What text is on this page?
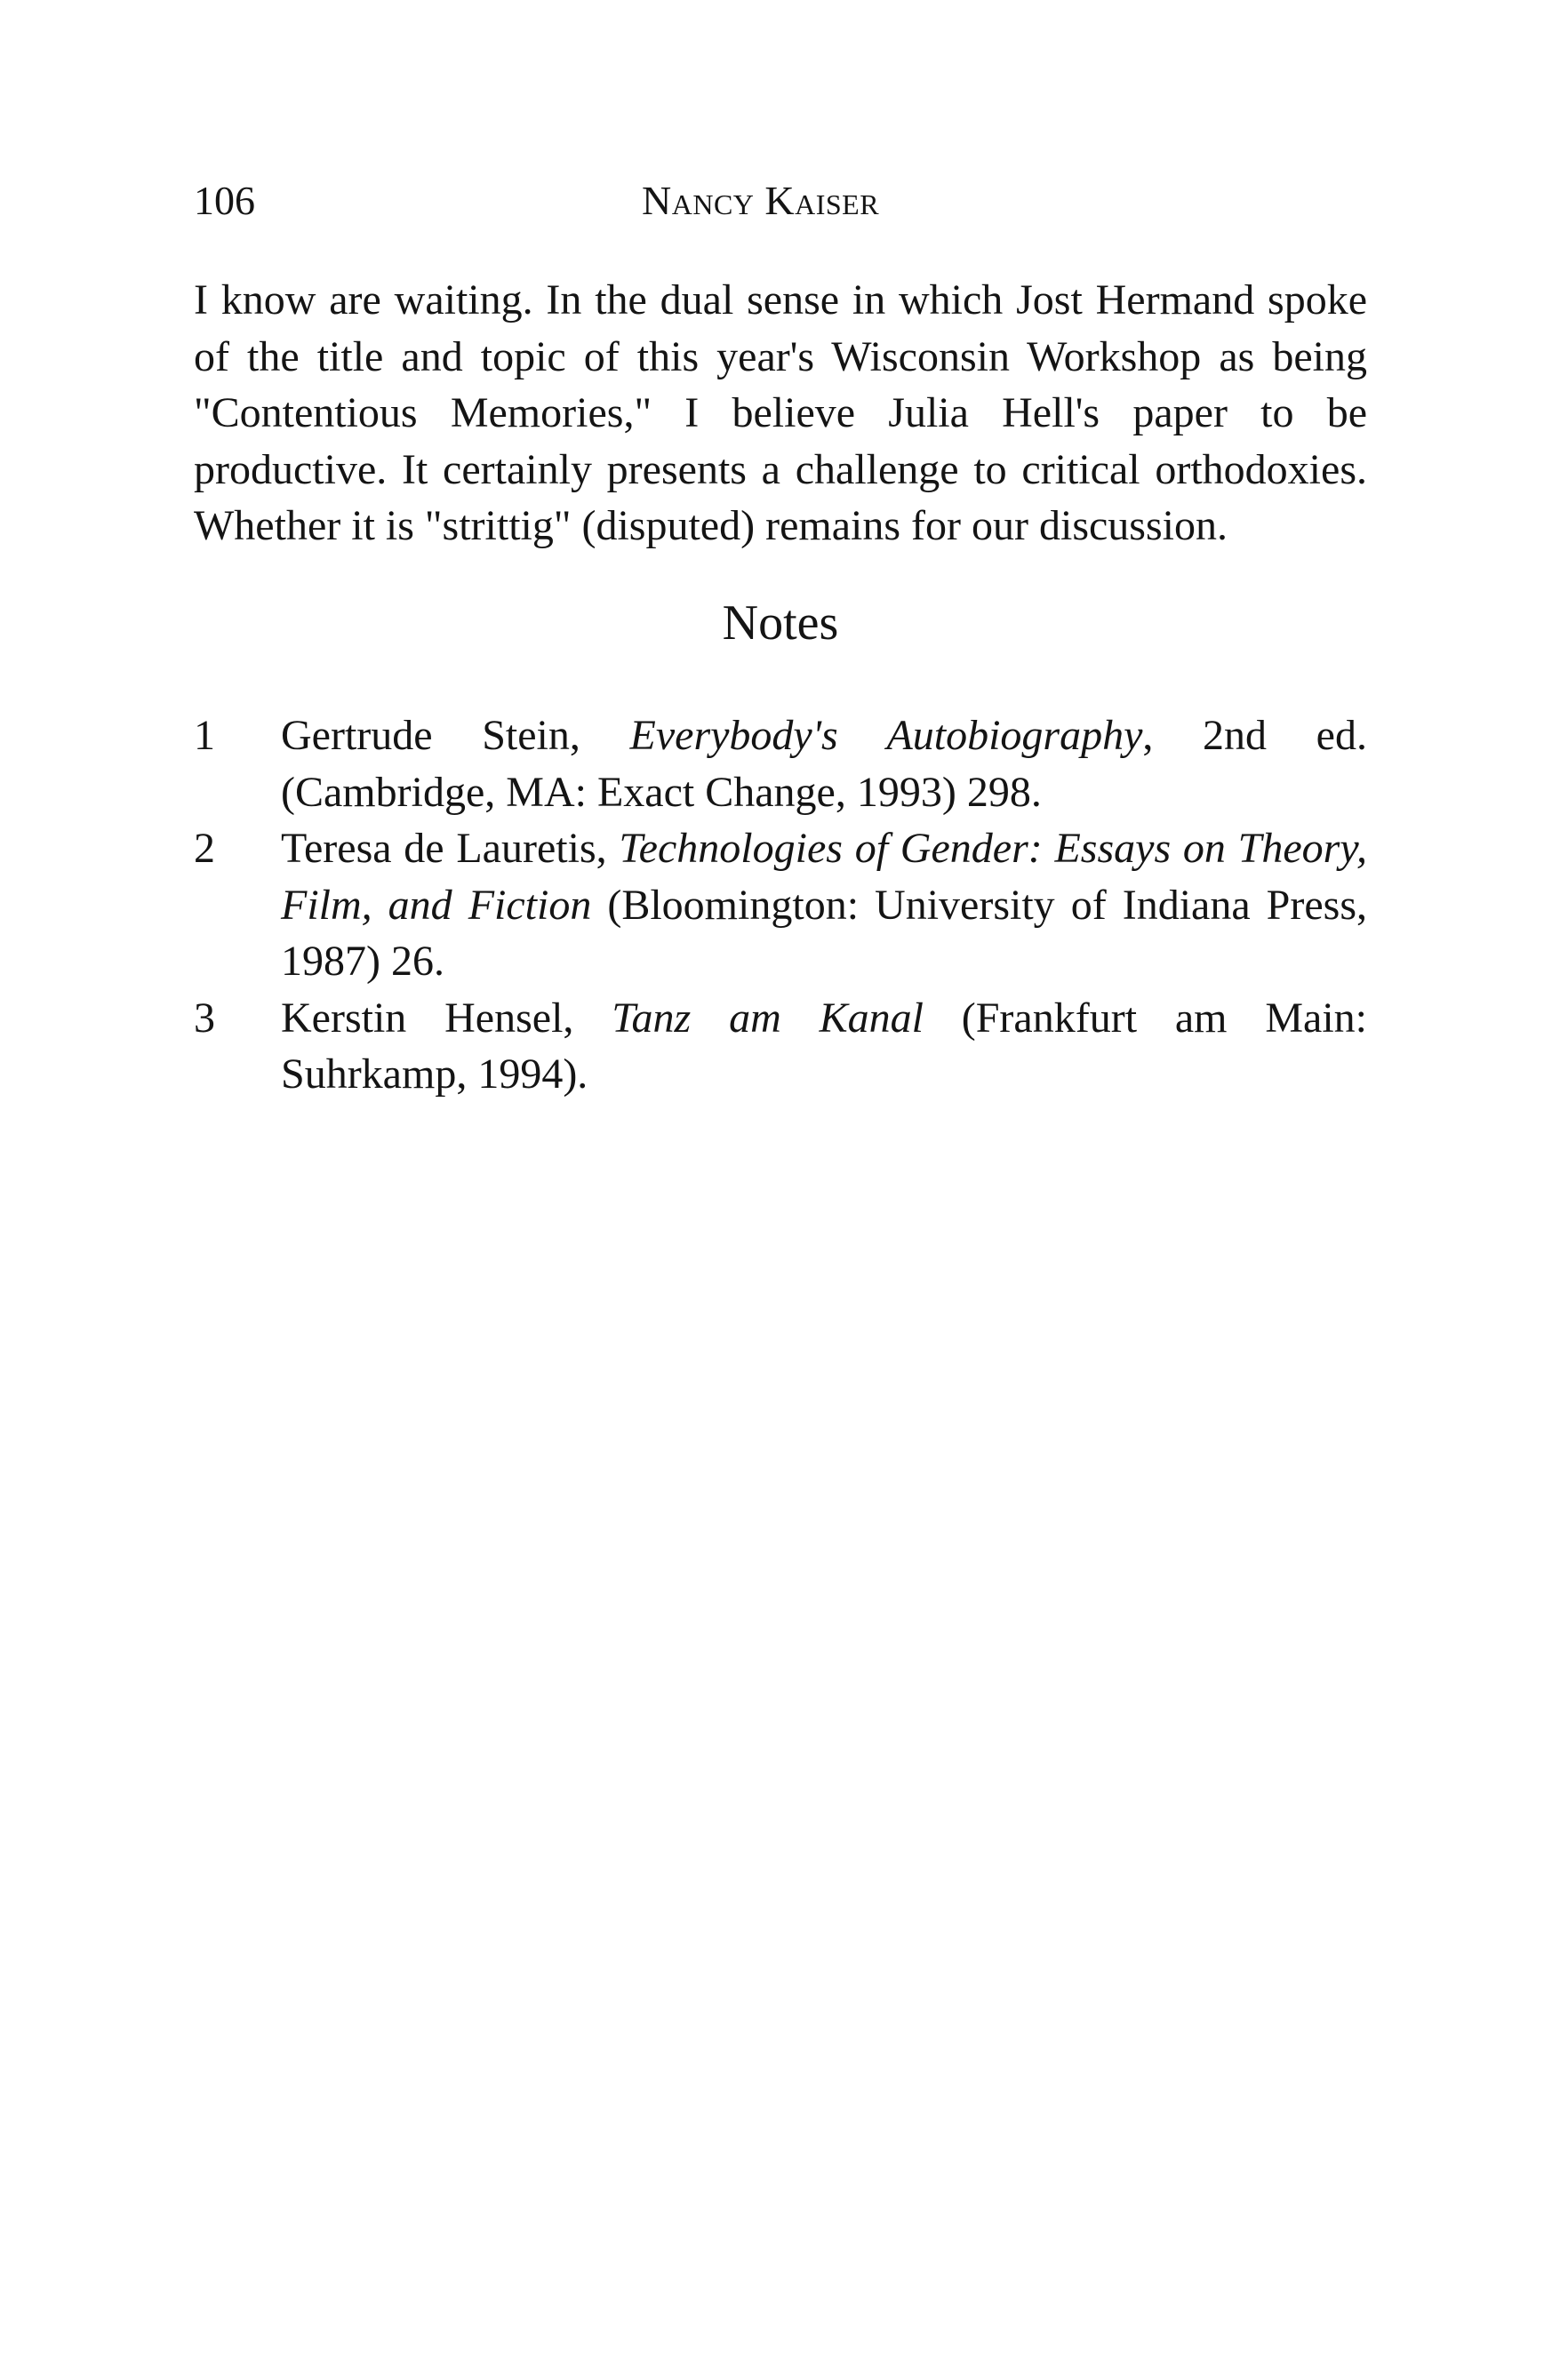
106	Nancy Kaiser

I know are waiting. In the dual sense in which Jost Hermand spoke of the title and topic of this year's Wisconsin Workshop as being "Contentious Memories," I believe Julia Hell's paper to be productive. It certainly presents a challenge to critical orthodoxies. Whether it is "strittig" (disputed) remains for our discussion.

Notes
1 Gertrude Stein, Everybody's Autobiography, 2nd ed. (Cambridge, MA: Exact Change, 1993) 298.
2 Teresa de Lauretis, Technologies of Gender: Essays on Theory, Film, and Fiction (Bloomington: University of Indiana Press, 1987) 26.
3 Kerstin Hensel, Tanz am Kanal (Frankfurt am Main: Suhrkamp, 1994).
